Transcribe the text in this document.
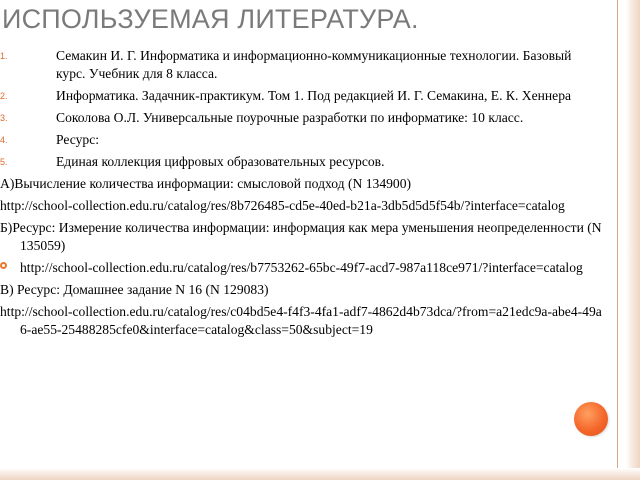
ИСПОЛЬЗУЕМАЯ ЛИТЕРАТУРА.
1.	Семакин И. Г. Информатика и информационно-коммуникационные технологии. Базовый курс. Учебник для 8 класса.
2.	Информатика. Задачник-практикум. Том 1. Под редакцией И. Г. Семакина, Е. К. Хеннера
3.	Соколова О.Л. Универсальные поурочные разработки по информатике: 10 класс.
4.	Ресурс:
5.	Единая коллекция цифровых образовательных ресурсов.
А)Вычисление количества информации: смысловой подход (N 134900)
http://school-collection.edu.ru/catalog/res/8b726485-cd5e-40ed-b21a-3db5d5d5f54b/?interface=catalog
Б)Ресурс: Измерение количества информации: информация как мера уменьшения неопределенности (N 135059)
http://school-collection.edu.ru/catalog/res/b7753262-65bc-49f7-acd7-987a118ce971/?interface=catalog
В) Ресурс: Домашнее задание N 16 (N 129083)
http://school-collection.edu.ru/catalog/res/c04bd5e4-f4f3-4fa1-adf7-4862d4b73dca/?from=a21edc9a-abe4-49a6-ae55-25488285cfe0&interface=catalog&class=50&subject=19
